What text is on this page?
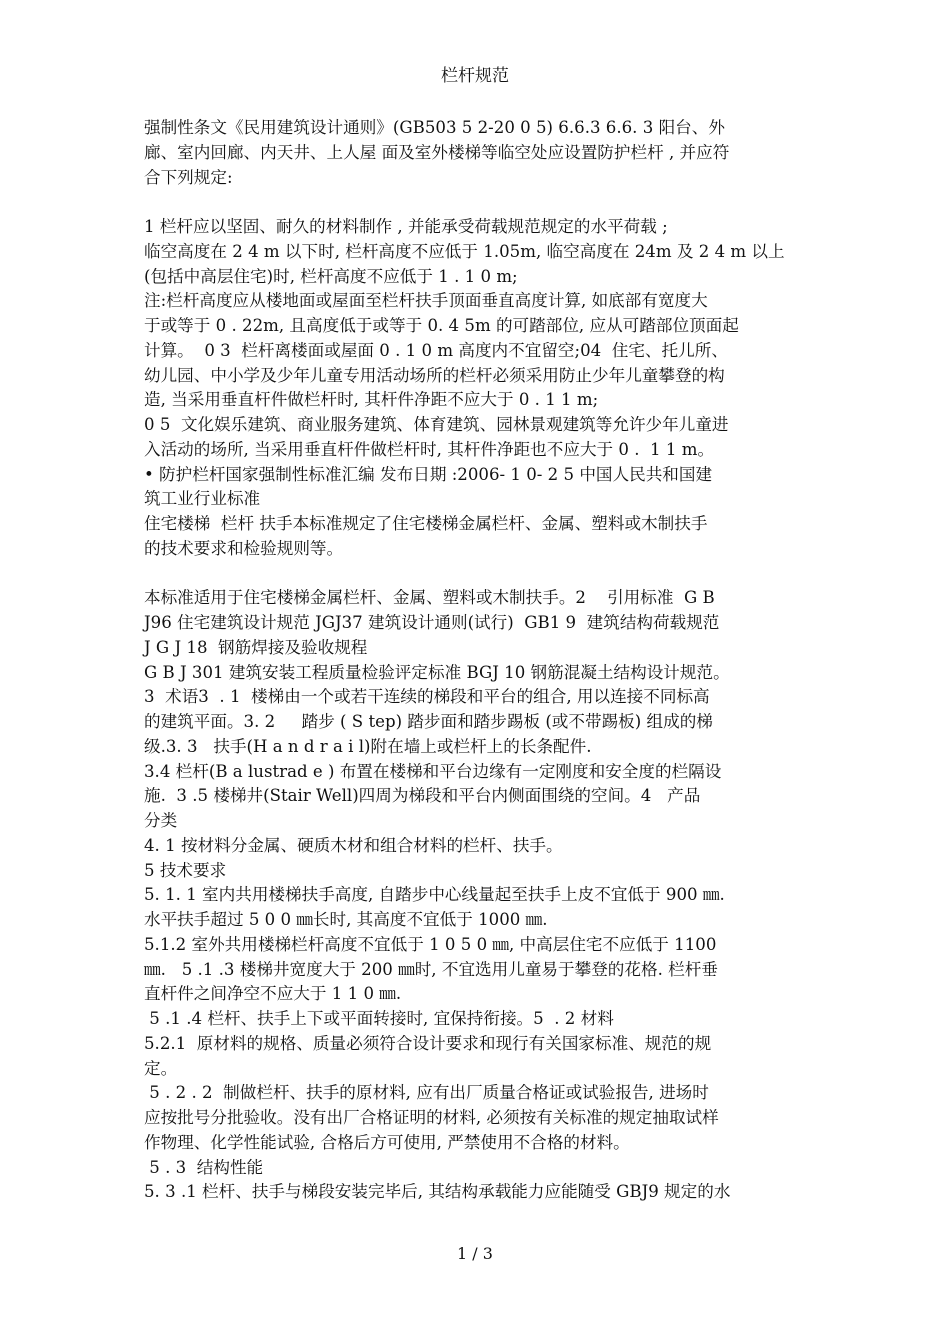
栏杆规范
强制性条文《民用建筑设计通则》(GB503 5 2-20 0 5) 6.6.3 6.6. 3 阳台、外
廊、室内回廊、内天井、上人屋 面及室外楼梯等临空处应设置防护栏杆 , 并应符
合下列规定:
1 栏杆应以坚固、耐久的材料制作 , 并能承受荷载规范规定的水平荷载 ;
临空高度在 2 4 m 以下时, 栏杆高度不应低于 1.05m, 临空高度在 24m 及 2 4 m 以上
(包括中高层住宅)时, 栏杆高度不应低于 1 . 1 0 m;
注:栏杆高度应从楼地面或屋面至栏杆扶手顶面垂直高度计算, 如底部有宽度大
于或等于 0 . 22m, 且高度低于或等于 0. 4 5m 的可踏部位, 应从可踏部位顶面起
计算。  0 3  栏杆离楼面或屋面 0 . 1 0 m 高度内不宜留空;04  住宅、托儿所、
幼儿园、中小学及少年儿童专用活动场所的栏杆必须采用防止少年儿童攀登的构
造, 当采用垂直杆件做栏杆时, 其杆件净距不应大于 0 . 1 1 m;
0 5  文化娱乐建筑、商业服务建筑、体育建筑、园林景观建筑等允许少年儿童进
入活动的场所, 当采用垂直杆件做栏杆时, 其杆件净距也不应大于 0 .  1 1 m。
• 防护栏杆国家强制性标准汇编 发布日期 :2006- 1 0- 2 5 中国人民共和国建
筑工业行业标准
住宅楼梯  栏杆 扶手本标准规定了住宅楼梯金属栏杆、金属、塑料或木制扶手
的技术要求和检验规则等。
本标准适用于住宅楼梯金属栏杆、金属、塑料或木制扶手。2    引用标准  G B
J96 住宅建筑设计规范 JGJ37 建筑设计通则(试行)  GB1 9  建筑结构荷载规范
J G J 18  钢筋焊接及验收规程
G B J 301 建筑安装工程质量检验评定标准 BGJ 10 钢筋混凝土结构设计规范。
3  术语3  . 1  楼梯由一个或若干连续的梯段和平台的组合, 用以连接不同标高
的建筑平面。3. 2     踏步 ( S tep) 踏步面和踏步踢板 (或不带踢板) 组成的梯
级.3. 3   扶手(H a n d r a i l)附在墙上或栏杆上的长条配件.
3.4 栏杆(B a lustrad e ) 布置在楼梯和平台边缘有一定刚度和安全度的栏隔设
施.  3 .5 楼梯井(Stair Well)四周为梯段和平台内侧面围绕的空间。4   产品
分类
4. 1 按材料分金属、硬质木材和组合材料的栏杆、扶手。
5 技术要求
5. 1. 1 室内共用楼梯扶手高度, 自踏步中心线量起至扶手上皮不宜低于 900 ㎜.
水平扶手超过 5 0 0 ㎜长时, 其高度不宜低于 1000 ㎜.
5.1.2 室外共用楼梯栏杆高度不宜低于 1 0 5 0 ㎜, 中高层住宅不应低于 1100
㎜.   5 .1 .3 楼梯井宽度大于 200 ㎜时, 不宜选用儿童易于攀登的花格. 栏杆垂
直杆件之间净空不应大于 1 1 0 ㎜.
5 .1 .4 栏杆、扶手上下或平面转接时, 宜保持衔接。5  . 2 材料
5.2.1  原材料的规格、质量必须符合设计要求和现行有关国家标准、规范的规
定。
5 . 2 . 2  制做栏杆、扶手的原材料, 应有出厂质量合格证或试验报告, 进场时
应按批号分批验收。没有出厂合格证明的材料, 必须按有关标准的规定抽取试样
作物理、化学性能试验, 合格后方可使用, 严禁使用不合格的材料。
5 . 3  结构性能
5. 3 .1 栏杆、扶手与梯段安装完毕后, 其结构承载能力应能随受 GBJ9 规定的水
1 / 3
